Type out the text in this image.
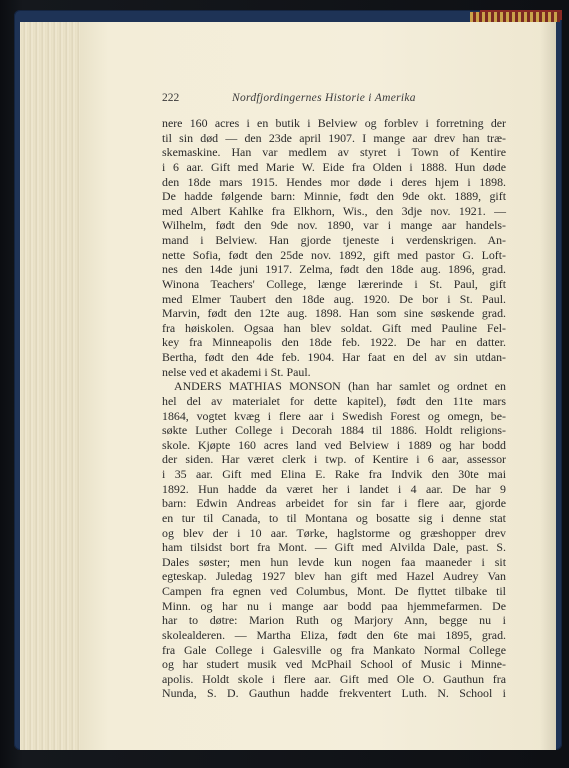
222	Nordfjordingernes Historie i Amerika
nere 160 acres i en butik i Belview og forblev i forretning der
til sin død — den 23de april 1907. I mange aar drev han træ-
skemaskine. Han var medlem av styret i Town of Kentire
i 6 aar. Gift med Marie W. Eide fra Olden i 1888. Hun døde
den 18de mars 1915. Hendes mor døde i deres hjem i 1898.
De hadde følgende barn: Minnie, født den 9de okt. 1889, gift
med Albert Kahlke fra Elkhorn, Wis., den 3dje nov. 1921. —
Wilhelm, født den 9de nov. 1890, var i mange aar handels-
mand i Belview. Han gjorde tjeneste i verdenskrigen. An-
nette Sofia, født den 25de nov. 1892, gift med pastor G. Loft-
nes den 14de juni 1917. Zelma, født den 18de aug. 1896, grad.
Winona Teachers' College, længe lærerinde i St. Paul, gift
med Elmer Taubert den 18de aug. 1920. De bor i St. Paul.
Marvin, født den 12te aug. 1898. Han som sine søskende grad.
fra høiskolen. Ogsaa han blev soldat. Gift med Pauline Fel-
key fra Minneapolis den 18de feb. 1922. De har en datter.
Bertha, født den 4de feb. 1904. Har faat en del av sin utdan-
nelse ved et akademi i St. Paul.
ANDERS MATHIAS MONSON (han har samlet og ordnet en
hel del av materialet for dette kapitel), født den 11te mars
1864, vogtet kvæg i flere aar i Swedish Forest og omegn, be-
søkte Luther College i Decorah 1884 til 1886. Holdt religions-
skole. Kjøpte 160 acres land ved Belview i 1889 og har bodd
der siden. Har været clerk i twp. of Kentire i 6 aar, assessor
i 35 aar. Gift med Elina E. Rake fra Indvik den 30te mai
1892. Hun hadde da været her i landet i 4 aar. De har 9
barn: Edwin Andreas arbeidet for sin far i flere aar, gjorde
en tur til Canada, to til Montana og bosatte sig i denne stat
og blev der i 10 aar. Tørke, haglstorme og græshopper drev
ham tilsidst bort fra Mont. — Gift med Alvilda Dale, past. S.
Dales søster; men hun levde kun nogen faa maaneder i sit
egteskap. Juledag 1927 blev han gift med Hazel Audrey Van
Campen fra egnen ved Columbus, Mont. De flyttet tilbake til
Minn. og har nu i mange aar bodd paa hjemmefarmen. De
har to døtre: Marion Ruth og Marjory Ann, begge nu i
skolealderen. — Martha Eliza, født den 6te mai 1895, grad.
fra Gale College i Galesville og fra Mankato Normal College
og har studert musik ved McPhail School of Music i Minne-
apolis. Holdt skole i flere aar. Gift med Ole O. Gauthun fra
Nunda, S. D. Gauthun hadde frekventert Luth. N. School i
